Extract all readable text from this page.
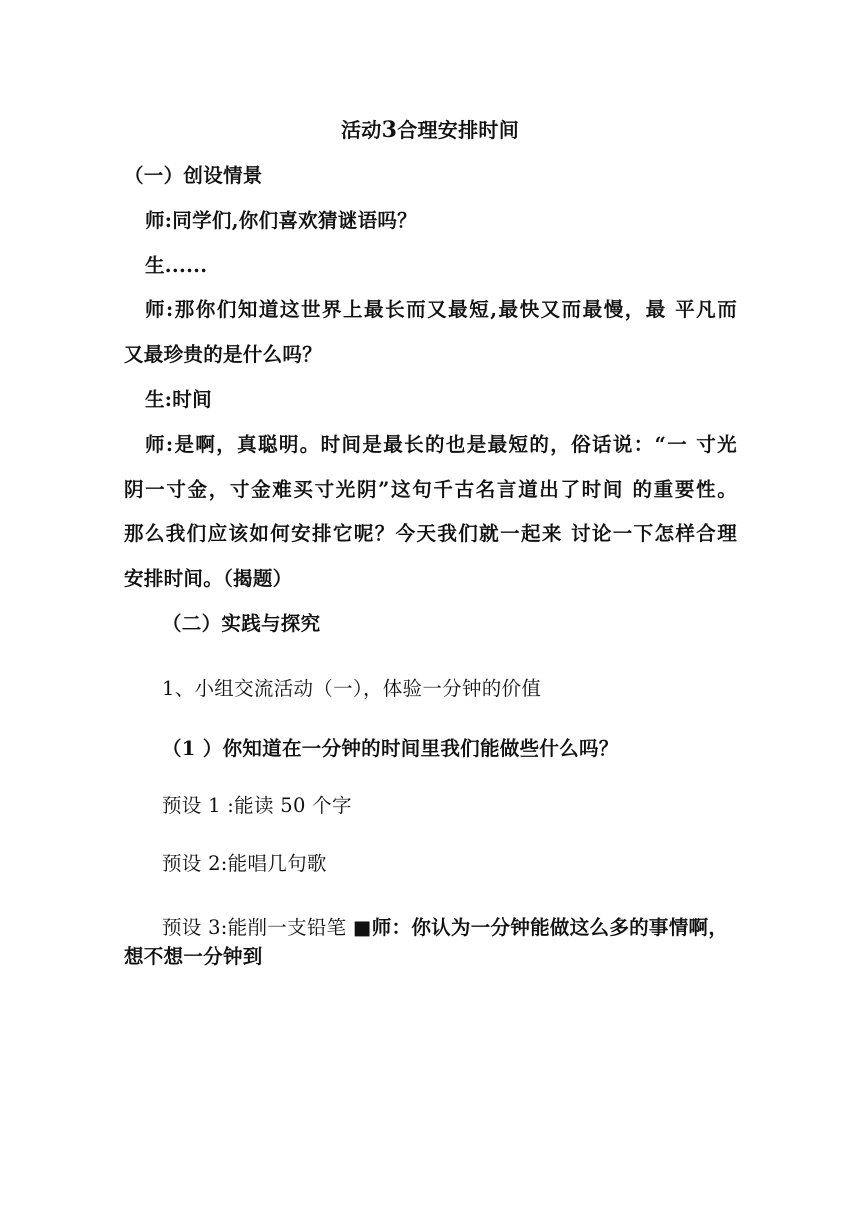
活动3合理安排时间
（一）创设情景
师:同学们,你们喜欢猜谜语吗？
生......
师:那你们知道这世界上最长而又最短,最快又而最慢，最 平凡而
又最珍贵的是什么吗？
生:时间
师:是啊，真聪明。时间是最长的也是最短的，俗话说：“一 寸光
阴一寸金，寸金难买寸光阴”这句千古名言道出了时间 的重要性。
那么我们应该如何安排它呢？今天我们就一起来 讨论一下怎样合理
安排时间。（揭题）
（二）实践与探究
1、小组交流活动（一），体验一分钟的价值
（1 ）你知道在一分钟的时间里我们能做些什么吗？
预设 1 :能读 50 个字
预设 2:能唱几句歌
预设 3:能削一支铅笔 ■师：你认为一分钟能做这么多的事情啊，
想不想一分钟到
